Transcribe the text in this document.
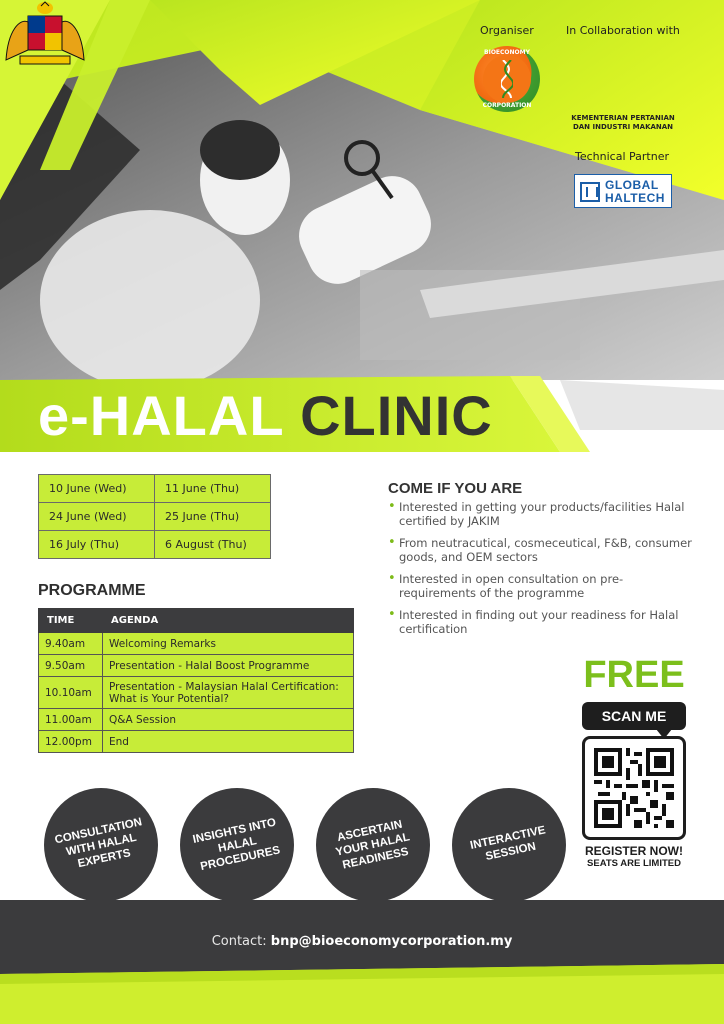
Organiser	In Collaboration with
BIOECONOMY
CORPORATION
KEMENTERIAN PERTANIAN
DAN INDUSTRI MAKANAN
Technical Partner
GLOBAL
HALTECH
e-HALAL CLINIC
10 June (Wed)	11 June (Thu)
24 June (Wed)	25 June (Thu)
16 July (Thu)	6 August (Thu)
PROGRAMME
TIME	AGENDA
9.40am	Welcoming Remarks
9.50am	Presentation - Halal Boost Programme
10.10am	Presentation - Malaysian Halal Certification: What is Your Potential?
11.00am	Q&A Session
12.00pm	End
COME IF YOU ARE
• Interested in getting your products/facilities Halal certified by JAKIM
• From neutracutical, cosmeceutical, F&B, consumer goods, and OEM sectors
• Interested in open consultation on pre-requirements of the programme
• Interested in finding out your readiness for Halal certification
FREE
SCAN ME
REGISTER NOW!
SEATS ARE LIMITED
CONSULTATION
WITH HALAL
EXPERTS
INSIGHTS INTO
HALAL
PROCEDURES
ASCERTAIN
YOUR HALAL
READINESS
INTERACTIVE
SESSION
Contact: bnp@bioeconomycorporation.my
